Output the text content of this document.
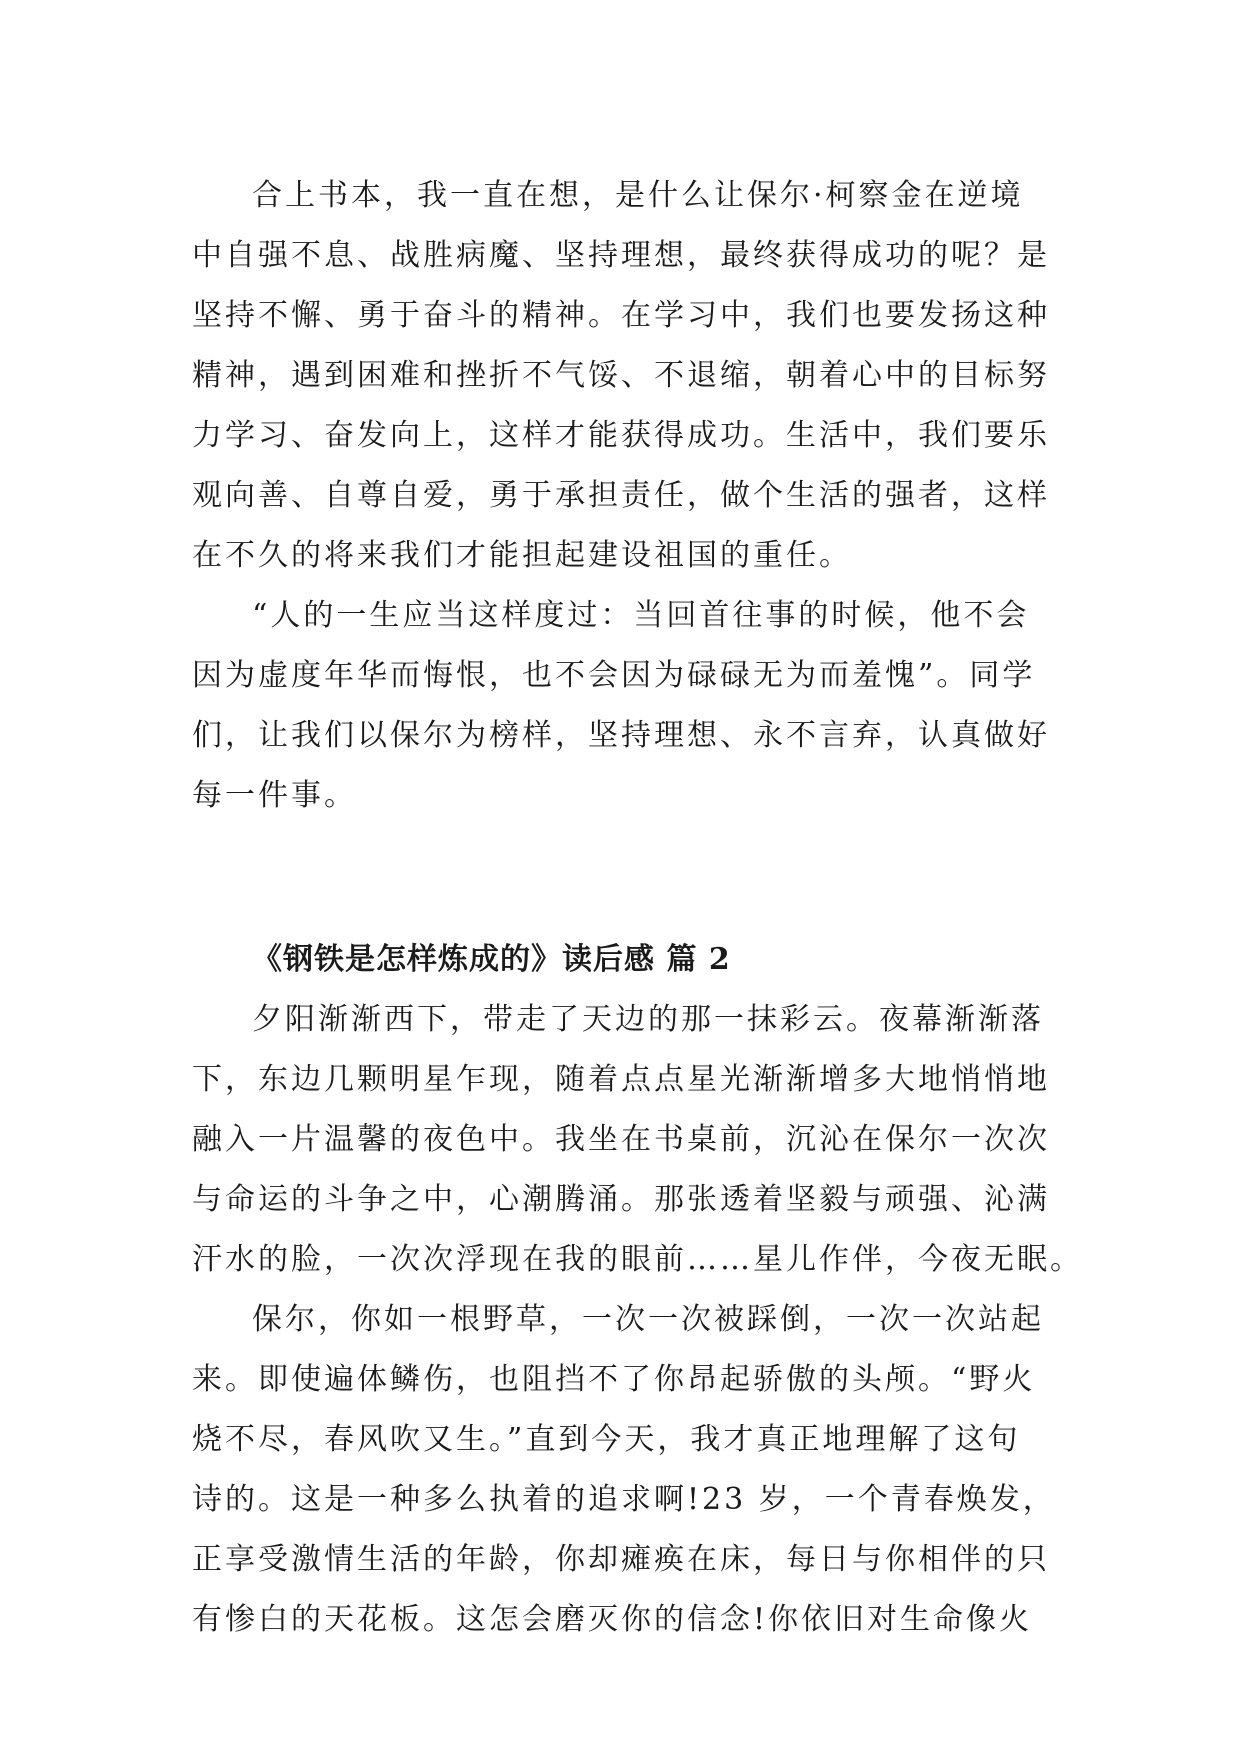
合上书本，我一直在想，是什么让保尔·柯察金在逆境
中自强不息、战胜病魔、坚持理想，最终获得成功的呢？是
坚持不懈、勇于奋斗的精神。在学习中，我们也要发扬这种
精神，遇到困难和挫折不气馁、不退缩，朝着心中的目标努
力学习、奋发向上，这样才能获得成功。生活中，我们要乐
观向善、自尊自爱，勇于承担责任，做个生活的强者，这样
在不久的将来我们才能担起建设祖国的重任。

“人的一生应当这样度过：当回首往事的时候，他不会
因为虚度年华而悔恨，也不会因为碌碌无为而羞愧”。同学
们，让我们以保尔为榜样，坚持理想、永不言弃，认真做好
每一件事。

《钢铁是怎样炼成的》读后感 篇 2

夕阳渐渐西下，带走了天边的那一抹彩云。夜幕渐渐落
下，东边几颗明星乍现，随着点点星光渐渐增多大地悄悄地
融入一片温馨的夜色中。我坐在书桌前，沉沁在保尔一次次
与命运的斗争之中，心潮腾涌。那张透着坚毅与顽强、沁满
汗水的脸，一次次浮现在我的眼前……星儿作伴，今夜无眠。

保尔，你如一根野草，一次一次被踩倒，一次一次站起
来。即使遍体鳞伤，也阻挡不了你昂起骄傲的头颅。“野火
烧不尽，春风吹又生。”直到今天，我才真正地理解了这句
诗的。这是一种多么执着的追求啊!23 岁，一个青春焕发，
正享受激情生活的年龄，你却瘫痪在床，每日与你相伴的只
有惨白的天花板。这怎会磨灭你的信念!你依旧对生命像火
